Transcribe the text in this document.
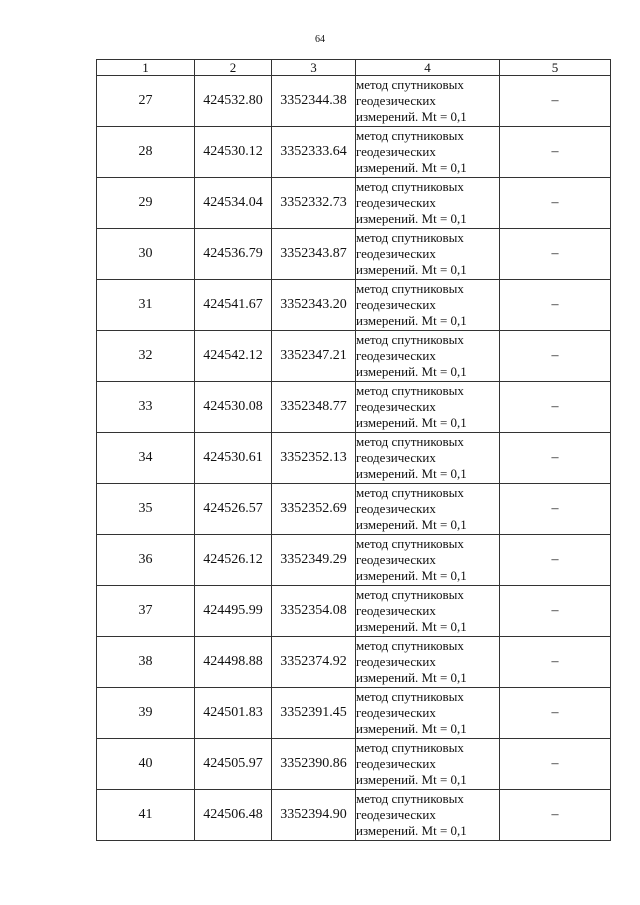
64
1	2	3	4	5
27	424532.80	3352344.38	метод спутниковых
геодезических
измерений. Mt = 0,1	–
28	424530.12	3352333.64	метод спутниковых
геодезических
измерений. Mt = 0,1	–
29	424534.04	3352332.73	метод спутниковых
геодезических
измерений. Mt = 0,1	–
30	424536.79	3352343.87	метод спутниковых
геодезических
измерений. Mt = 0,1	–
31	424541.67	3352343.20	метод спутниковых
геодезических
измерений. Mt = 0,1	–
32	424542.12	3352347.21	метод спутниковых
геодезических
измерений. Mt = 0,1	–
33	424530.08	3352348.77	метод спутниковых
геодезических
измерений. Mt = 0,1	–
34	424530.61	3352352.13	метод спутниковых
геодезических
измерений. Mt = 0,1	–
35	424526.57	3352352.69	метод спутниковых
геодезических
измерений. Mt = 0,1	–
36	424526.12	3352349.29	метод спутниковых
геодезических
измерений. Mt = 0,1	–
37	424495.99	3352354.08	метод спутниковых
геодезических
измерений. Mt = 0,1	–
38	424498.88	3352374.92	метод спутниковых
геодезических
измерений. Mt = 0,1	–
39	424501.83	3352391.45	метод спутниковых
геодезических
измерений. Mt = 0,1	–
40	424505.97	3352390.86	метод спутниковых
геодезических
измерений. Mt = 0,1	–
41	424506.48	3352394.90	метод спутниковых
геодезических
измерений. Mt = 0,1	–
